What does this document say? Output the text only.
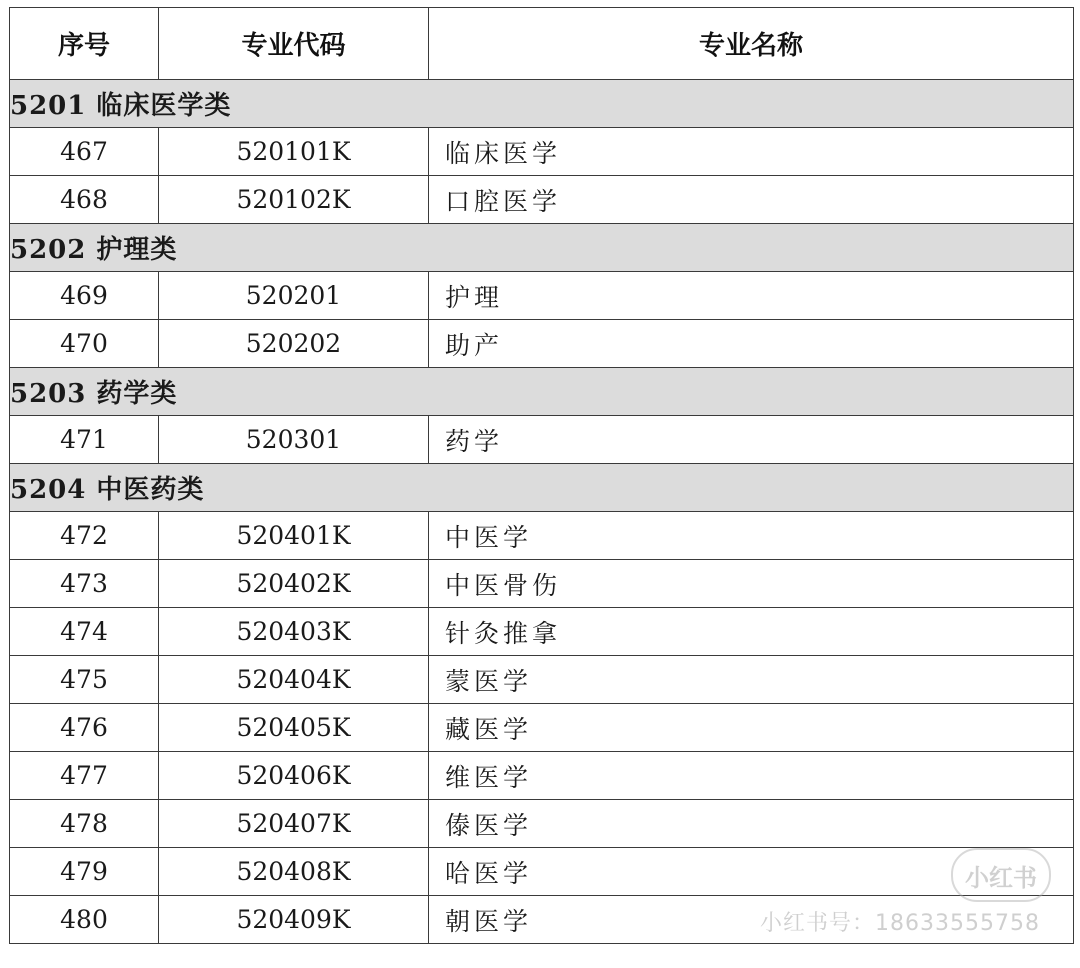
序号	专业代码	专业名称
5201 临床医学类		
467	520101K	临床医学
468	520102K	口腔医学
5202 护理类		
469	520201	护理
470	520202	助产
5203 药学类		
471	520301	药学
5204 中医药类		
472	520401K	中医学
473	520402K	中医骨伤
474	520403K	针灸推拿
475	520404K	蒙医学
476	520405K	藏医学
477	520406K	维医学
478	520407K	傣医学
479	520408K	哈医学
480	520409K	朝医学
小红书
小红书号：18633555758
